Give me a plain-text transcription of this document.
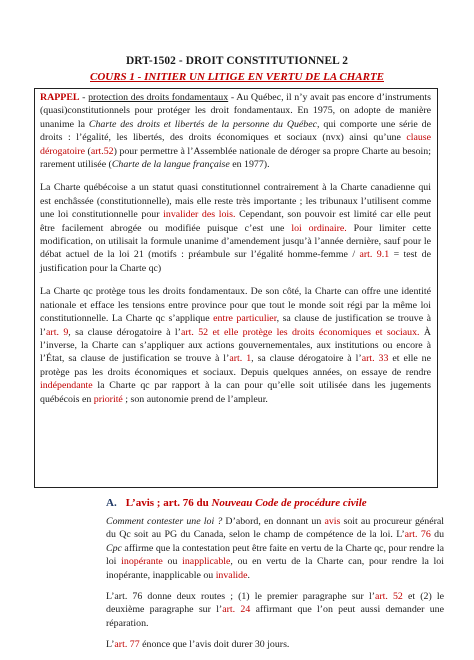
DRT-1502 - DROIT CONSTITUTIONNEL 2
COURS 1 - INITIER UN LITIGE EN VERTU DE LA CHARTE

RAPPEL - protection des droits fondamentaux - Au Québec, il n’y avait pas encore d’instruments (quasi)constitutionnels pour protéger les droit fondamentaux. En 1975, on adopte de manière unanime la Charte des droits et libertés de la personne du Québec, qui comporte une série de droits : l’égalité, les libertés, des droits économiques et sociaux (nvx) ainsi qu’une clause dérogatoire (art.52) pour permettre à l’Assemblée nationale de déroger sa propre Charte au besoin; rarement utilisée (Charte de la langue française en 1977).

La Charte québécoise a un statut quasi constitutionnel contrairement à la Charte canadienne qui est enchâssée (constitutionnelle), mais elle reste très importante ; les tribunaux l’utilisent comme une loi constitutionnelle pour invalider des lois. Cependant, son pouvoir est limité car elle peut être facilement abrogée ou modifiée puisque c’est une loi ordinaire. Pour limiter cette modification, on utilisait la formule unanime d’amendement jusqu’à l’année dernière, sauf pour le débat actuel de la loi 21 (motifs : préambule sur l’égalité homme-femme / art. 9.1 = test de justification pour la Charte qc)

La Charte qc protège tous les droits fondamentaux. De son côté, la Charte can offre une identité nationale et efface les tensions entre province pour que tout le monde soit régi par la même loi constitutionnelle. La Charte qc s’applique entre particulier, sa clause de justification se trouve à l’art. 9, sa clause dérogatoire à l’art. 52 et elle protège les droits économiques et sociaux. À l’inverse, la Charte can s’appliquer aux actions gouvernementales, aux institutions ou encore à l’État, sa clause de justification se trouve à l’art. 1, sa clause dérogatoire à l’art. 33 et elle ne protège pas les droits économiques et sociaux. Depuis quelques années, on essaye de rendre indépendante la Charte qc par rapport à la can pour qu’elle soit utilisée dans les jugements québécois en priorité ; son autonomie prend de l’ampleur.

A. L’avis ; art. 76 du Nouveau Code de procédure civile

Comment contester une loi ? D’abord, en donnant un avis soit au procureur général du Qc soit au PG du Canada, selon le champ de compétence de la loi. L’art. 76 du Cpc affirme que la contestation peut être faite en vertu de la Charte qc, pour rendre la loi inopérante ou inapplicable, ou en vertu de la Charte can, pour rendre la loi inopérante, inapplicable ou invalide.

L’art. 76 donne deux routes ; (1) le premier paragraphe sur l’art. 52 et (2) le deuxième paragraphe sur l’art. 24 affirmant que l’on peut aussi demander une réparation.

L’art. 77 énonce que l’avis doit durer 30 jours.
